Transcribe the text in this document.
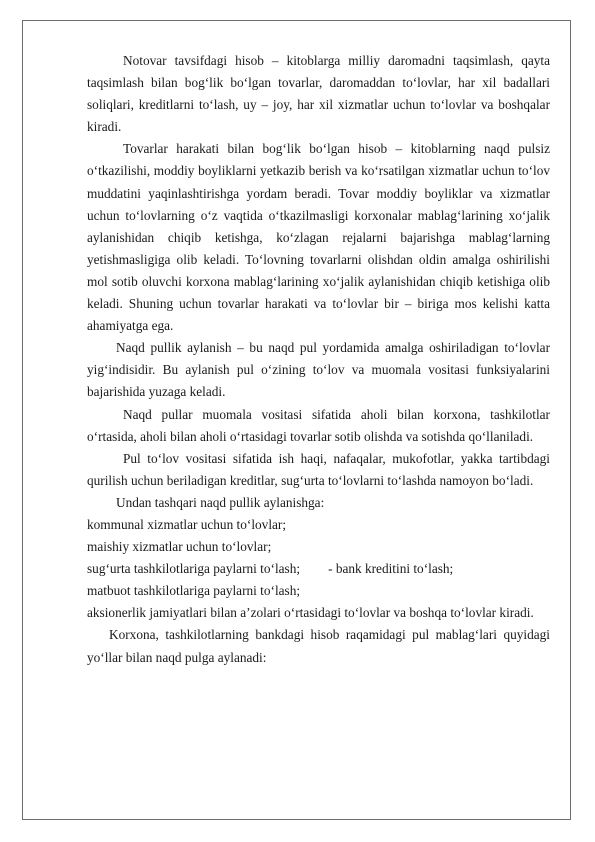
Notovar tavsifdagi hisob – kitoblarga milliy daromadni taqsimlash, qayta taqsimlash bilan bog‘lik bo‘lgan tovarlar, daromaddan to‘lovlar, har xil badallari soliqlari, kreditlarni to‘lash, uy – joy, har xil xizmatlar uchun to‘lovlar va boshqalar kiradi.

Tovarlar harakati bilan bog‘lik bo‘lgan hisob – kitoblarning naqd pulsiz o‘tkazilishi, moddiy boyliklarni yetkazib berish va ko‘rsatilgan xizmatlar uchun to‘lov muddatini yaqinlashtirishga yordam beradi. Tovar moddiy boyliklar va xizmatlar uchun to‘lovlarning o‘z vaqtida o‘tkazilmasligi korxonalar mablag‘larining xo‘jalik aylanishidan chiqib ketishga, ko‘zlagan rejalarni bajarishga mablag‘larning yetishmasligiga olib keladi. To‘lovning tovarlarni olishdan oldin amalga oshirilishi mol sotib oluvchi korxona mablag‘larining xo‘jalik aylanishidan chiqib ketishiga olib keladi. Shuning uchun tovarlar harakati va to‘lovlar bir – biriga mos kelishi katta ahamiyatga ega.

Naqd pullik aylanish – bu naqd pul yordamida amalga oshiriladigan to‘lovlar yig‘indisidir. Bu aylanish pul o‘zining to‘lov va muomala vositasi funksiyalarini bajarishida yuzaga keladi.

Naqd pullar muomala vositasi sifatida aholi bilan korxona, tashkilotlar o‘rtasida, aholi bilan aholi o‘rtasidagi tovarlar sotib olishda va sotishda qo‘llaniladi.

Pul to‘lov vositasi sifatida ish haqi, nafaqalar, mukofotlar, yakka tartibdagi qurilish uchun beriladigan kreditlar, sug‘urta to‘lovlarni to‘lashda namoyon bo‘ladi.

Undan tashqari naqd pullik aylanishga:

kommunal xizmatlar uchun to‘lovlar;

maishiy xizmatlar uchun to‘lovlar;

sug‘urta tashkilotlariga paylarni to‘lash; - bank kreditini to‘lash;

matbuot tashkilotlariga paylarni to‘lash;

aksionerlik jamiyatlari bilan a’zolari o‘rtasidagi to‘lovlar va boshqa to‘lovlar kiradi.

Korxona, tashkilotlarning bankdagi hisob raqamidagi pul mablag‘lari quyidagi yo‘llar bilan naqd pulga aylanadi:
